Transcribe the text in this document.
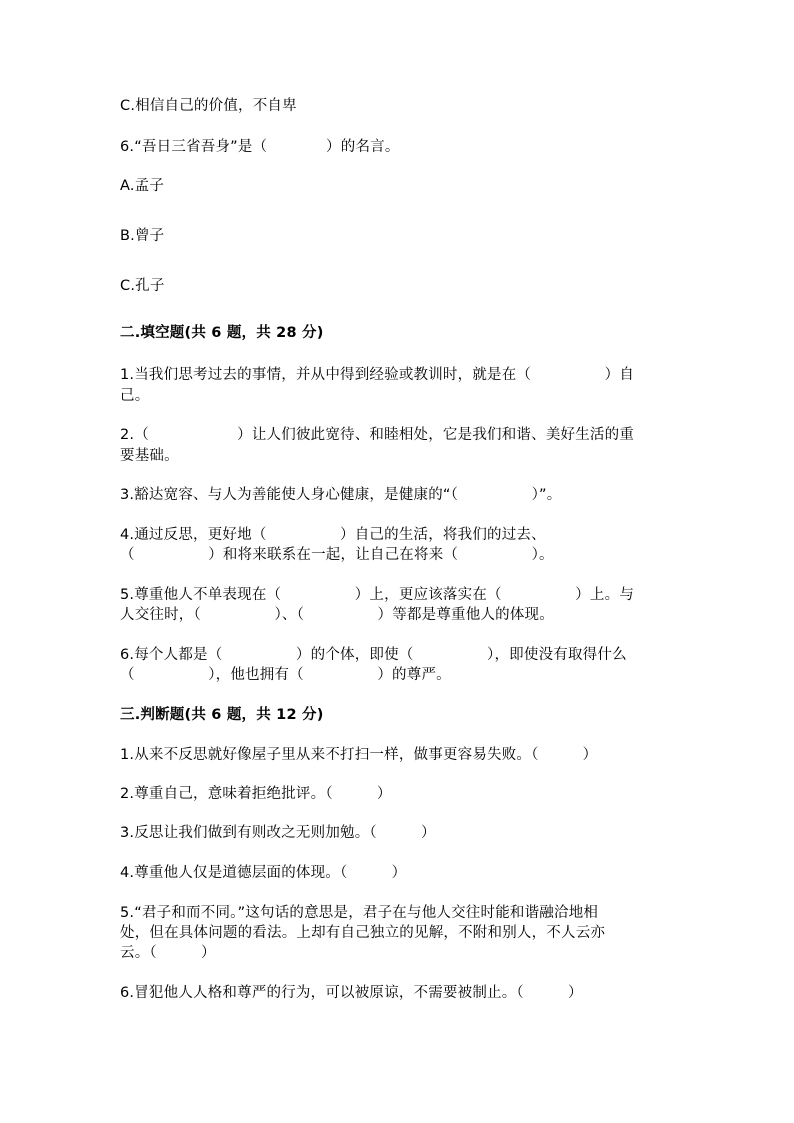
C.相信自己的价值，不自卑
6.“吾日三省吾身”是（　　　　）的名言。
A.孟子
B.曾子
C.孔子
二.填空题(共 6 题，共 28 分)
1.当我们思考过去的事情，并从中得到经验或教训时，就是在（　　　　　）自
己。
2.（　　　　　　）让人们彼此宽待、和睦相处，它是我们和谐、美好生活的重
要基础。
3.豁达宽容、与人为善能使人身心健康，是健康的“（　　　　　）”。
4.通过反思，更好地（　　　　　）自己的生活，将我们的过去、
（　　　　　）和将来联系在一起，让自己在将来（　　　　　）。
5.尊重他人不单表现在（　　　　　）上，更应该落实在（　　　　　）上。与
人交往时，（　　　　　）、（　　　　　）等都是尊重他人的体现。
6.每个人都是（　　　　　）的个体，即使（　　　　　），即使没有取得什么
（　　　　　），他也拥有（　　　　　）的尊严。
三.判断题(共 6 题，共 12 分)
1.从来不反思就好像屋子里从来不打扫一样，做事更容易失败。（　　　）
2.尊重自己，意味着拒绝批评。（　　　）
3.反思让我们做到有则改之无则加勉。（　　　）
4.尊重他人仅是道德层面的体现。（　　　）
5.“君子和而不同。”这句话的意思是，君子在与他人交往时能和谐融洽地相
处，但在具体问题的看法。上却有自己独立的见解，不附和别人，不人云亦
云。（　　　）
6.冒犯他人人格和尊严的行为，可以被原谅，不需要被制止。（　　　）
